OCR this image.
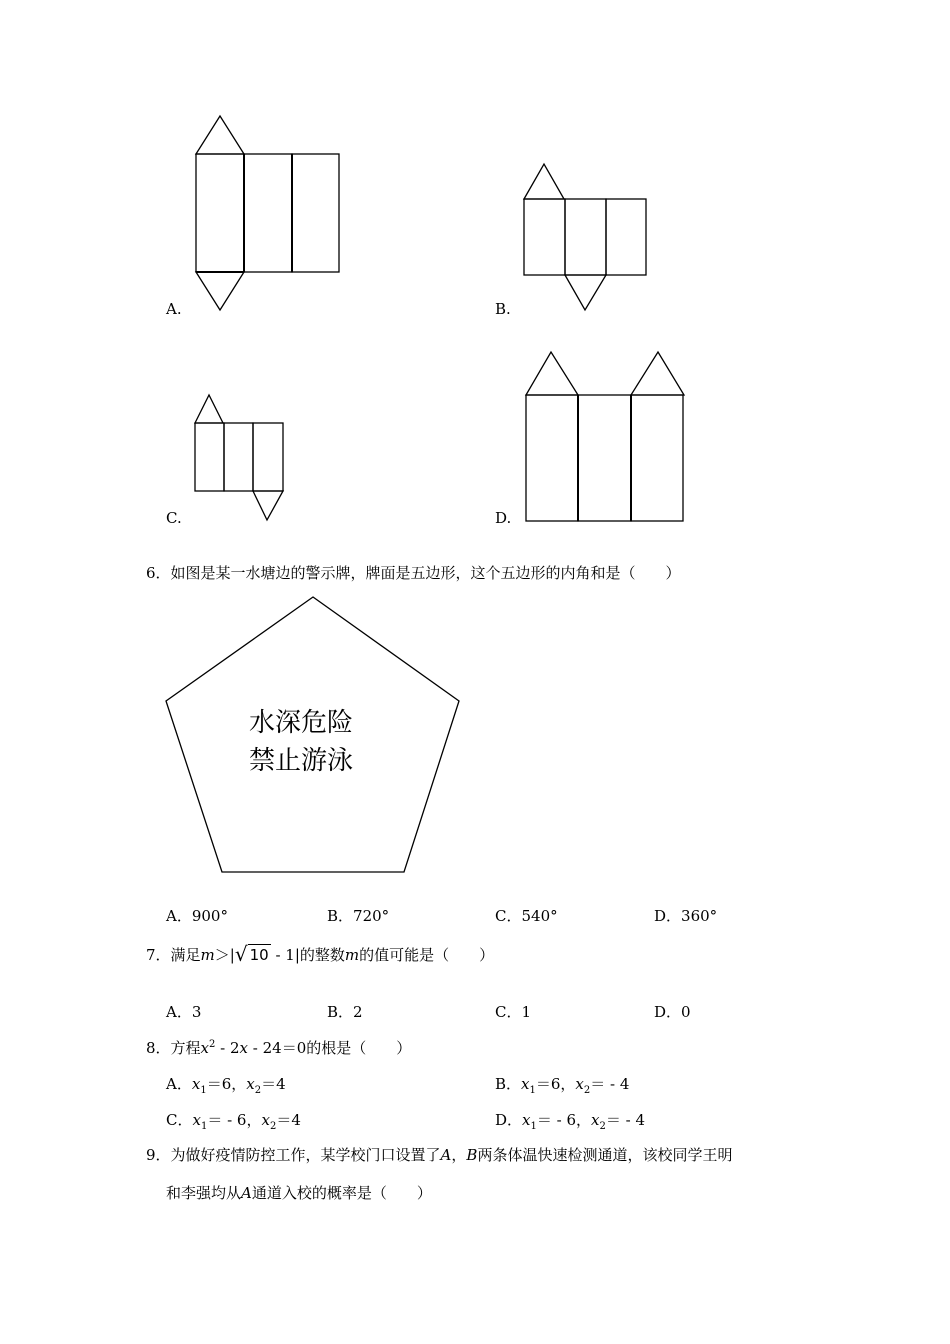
A.	B.
C.	D.
6．如图是某一水塘边的警示牌，牌面是五边形，这个五边形的内角和是（　　）
水深危险
禁止游泳
A．900°	B．720°	C．540°	D．360°
7．满足m＞|√ 10 - 1|的整数m的值可能是（　　）
A．3	B．2	C．1	D．0
8．方程$x^2 - 2x - 24=0$的根是（　　）
A．$x_1=6$，$x_2=4$	B．$x_1=6$，$x_2= - 4$
C．$x_1= - 6$，$x_2=4$	D．$x_1= - 6$，$x_2= - 4$
9．为做好疫情防控工作，某学校门口设置了A，B两条体温快速检测通道，该校同学王明
和李强均从A通道入校的概率是（　　）
